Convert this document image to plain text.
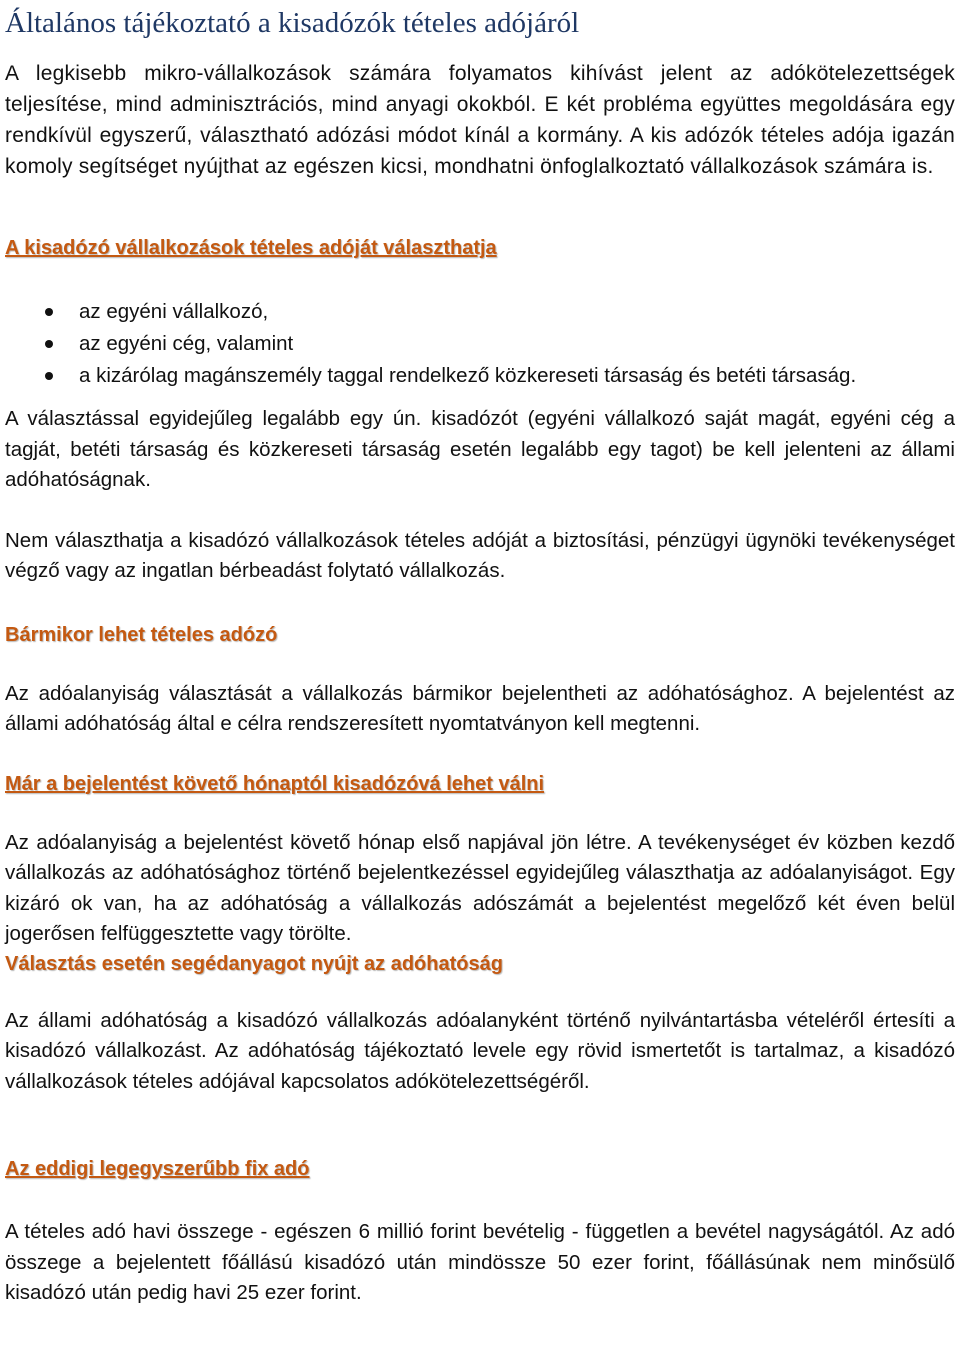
Általános tájékoztató a kisadózók tételes adójáról

A legkisebb mikro-vállalkozások számára folyamatos kihívást jelent az adókötelezettségek teljesítése, mind adminisztrációs, mind anyagi okokból. E két probléma együttes megoldására egy rendkívül egyszerű, választható adózási módot kínál a kormány. A kis adózók tételes adója igazán komoly segítséget nyújthat az egészen kicsi, mondhatni önfoglalkoztató vállalkozások számára is.

A kisadózó vállalkozások tételes adóját választhatja
az egyéni vállalkozó,
az egyéni cég, valamint
a kizárólag magánszemély taggal rendelkező közkereseti társaság és betéti társaság.

A választással egyidejűleg legalább egy ún. kisadózót (egyéni vállalkozó saját magát, egyéni cég a tagját, betéti társaság és közkereseti társaság esetén legalább egy tagot) be kell jelenteni az állami adóhatóságnak.

Nem választhatja a kisadózó vállalkozások tételes adóját a biztosítási, pénzügyi ügynöki tevékenységet végző vagy az ingatlan bérbeadást folytató vállalkozás.

Bármikor lehet tételes adózó

Az adóalanyiság választását a vállalkozás bármikor bejelentheti az adóhatósághoz. A bejelentést az állami adóhatóság által e célra rendszeresített nyomtatványon kell megtenni.

Már a bejelentést követő hónaptól kisadózóvá lehet válni

Az adóalanyiság a bejelentést követő hónap első napjával jön létre. A tevékenységet év közben kezdő vállalkozás az adóhatósághoz történő bejelentkezéssel egyidejűleg választhatja az adóalanyiságot. Egy kizáró ok van, ha az adóhatóság a vállalkozás adószámát a bejelentést megelőző két éven belül jogerősen felfüggesztette vagy törölte.

Választás esetén segédanyagot nyújt az adóhatóság

Az állami adóhatóság a kisadózó vállalkozás adóalanyként történő nyilvántartásba vételéről értesíti a kisadózó vállalkozást. Az adóhatóság tájékoztató levele egy rövid ismertetőt is tartalmaz, a kisadózó vállalkozások tételes adójával kapcsolatos adókötelezettségéről.

Az eddigi legegyszerűbb fix adó

A tételes adó havi összege - egészen 6 millió forint bevételig - független a bevétel nagyságától. Az adó összege a bejelentett főállású kisadózó után mindössze 50 ezer forint, főállásúnak nem minősülő kisadózó után pedig havi 25 ezer forint.
